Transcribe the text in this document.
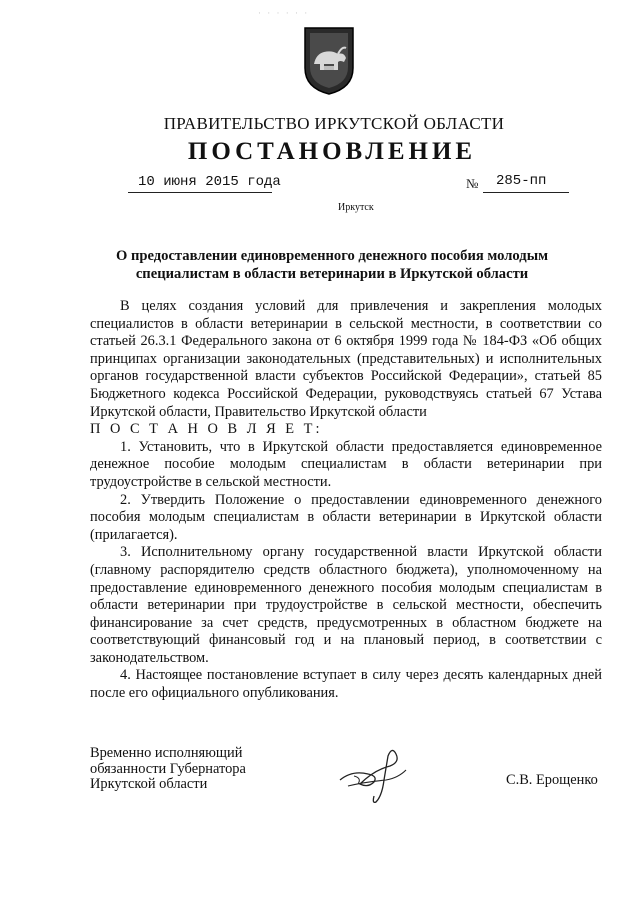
· · · · · ·
ПРАВИТЕЛЬСТВО ИРКУТСКОЙ ОБЛАСТИ
ПОСТАНОВЛЕНИЕ
10 июня 2015 года	№ 285-пп
Иркутск
О предоставлении единовременного денежного пособия молодым
специалистам в области ветеринарии в Иркутской области

В целях создания условий для привлечения и закрепления молодых специалистов в области ветеринарии в сельской местности, в соответствии со статьей 26.3.1 Федерального закона от 6 октября 1999 года № 184-ФЗ «Об общих принципах организации законодательных (представительных) и исполнительных органов государственной власти субъектов Российской Федерации», статьей 85 Бюджетного кодекса Российской Федерации, руководствуясь статьей 67 Устава Иркутской области, Правительство Иркутской области

П О С Т А Н О В Л Я Е Т:

1. Установить, что в Иркутской области предоставляется единовременное денежное пособие молодым специалистам в области ветеринарии при трудоустройстве в сельской местности.

2. Утвердить Положение о предоставлении единовременного денежного пособия молодым специалистам в области ветеринарии в Иркутской области (прилагается).

3. Исполнительному органу государственной власти Иркутской области (главному распорядителю средств областного бюджета), уполномоченному на предоставление единовременного денежного пособия молодым специалистам в области ветеринарии при трудоустройстве в сельской местности, обеспечить финансирование за счет средств, предусмотренных в областном бюджете на соответствующий финансовый год и на плановый период, в соответствии с законодательством.

4. Настоящее постановление вступает в силу через десять календарных дней после его официального опубликования.

Временно исполняющий
обязанности Губернатора
Иркутской области	С.В. Ерощенко
